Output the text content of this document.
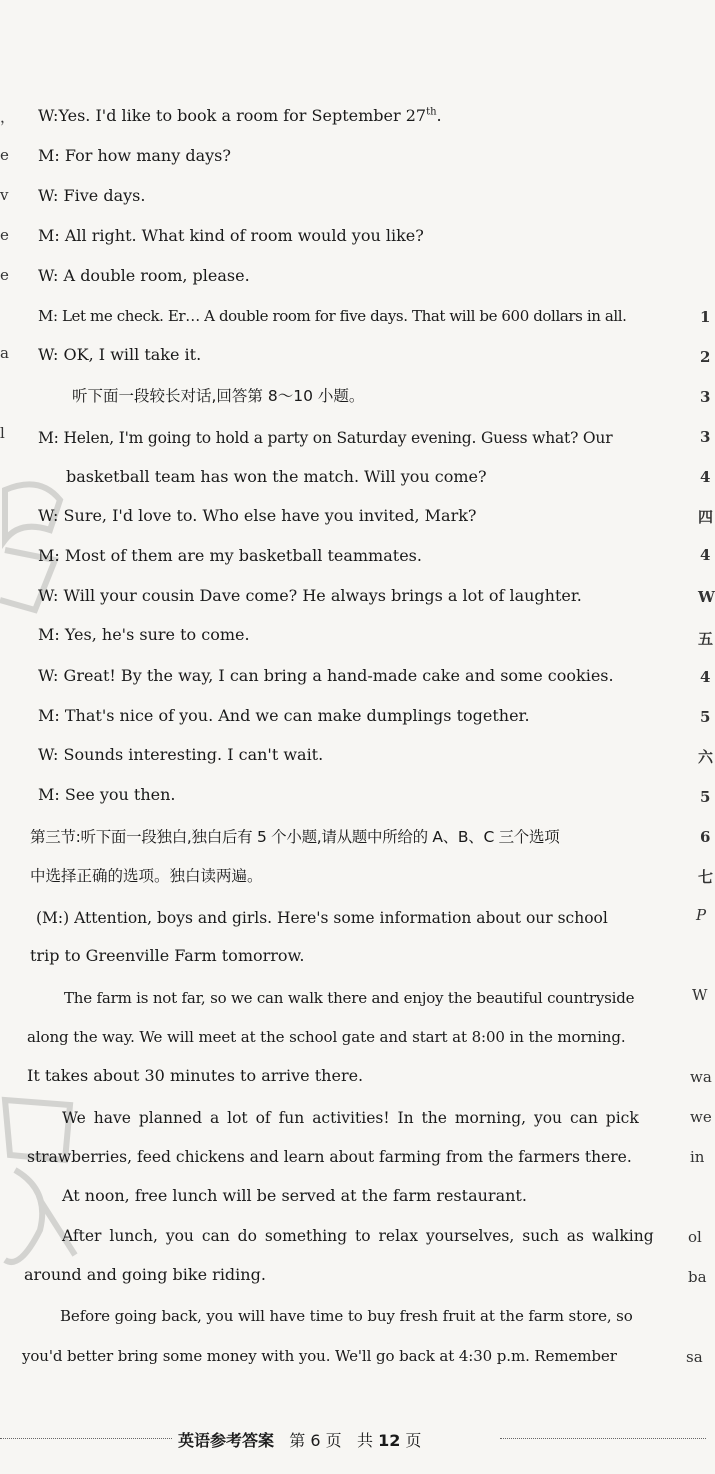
，
e
v
e
e
a
l
1
2
3
3
4
四
4
W
五
4
5
六
5
6
七
P
W
wa
we
in
ol
ba
sa
W:Yes. I'd like to book a room for September 27th.
M: For how many days?
W: Five days.
M: All right. What kind of room would you like?
W: A double room, please.
M: Let me check. Er… A double room for five days. That will be 600 dollars in all.
W: OK, I will take it.
听下面一段较长对话,回答第 8～10 小题。
M: Helen, I'm going to hold a party on Saturday evening. Guess what? Our
basketball team has won the match. Will you come?
W: Sure, I'd love to. Who else have you invited, Mark?
M: Most of them are my basketball teammates.
W: Will your cousin Dave come? He always brings a lot of laughter.
M: Yes, he's sure to come.
W: Great! By the way, I can bring a hand-made cake and some cookies.
M: That's nice of you. And we can make dumplings together.
W: Sounds interesting. I can't wait.
M: See you then.
第三节:听下面一段独白,独白后有 5 个小题,请从题中所给的 A、B、C 三个选项
中选择正确的选项。独白读两遍。
(M:) Attention, boys and girls. Here's some information about our school
trip to Greenville Farm tomorrow.
The farm is not far, so we can walk there and enjoy the beautiful countryside
along the way. We will meet at the school gate and start at 8:00 in the morning.
It takes about 30 minutes to arrive there.
We have planned a lot of fun activities! In the morning, you can pick
strawberries, feed chickens and learn about farming from the farmers there.
At noon, free lunch will be served at the farm restaurant.
After lunch, you can do something to relax yourselves, such as walking
around and going bike riding.
Before going back, you will have time to buy fresh fruit at the farm store, so
you'd better bring some money with you. We'll go back at 4:30 p.m. Remember
英语参考答案 第 6 页 共 12 页
